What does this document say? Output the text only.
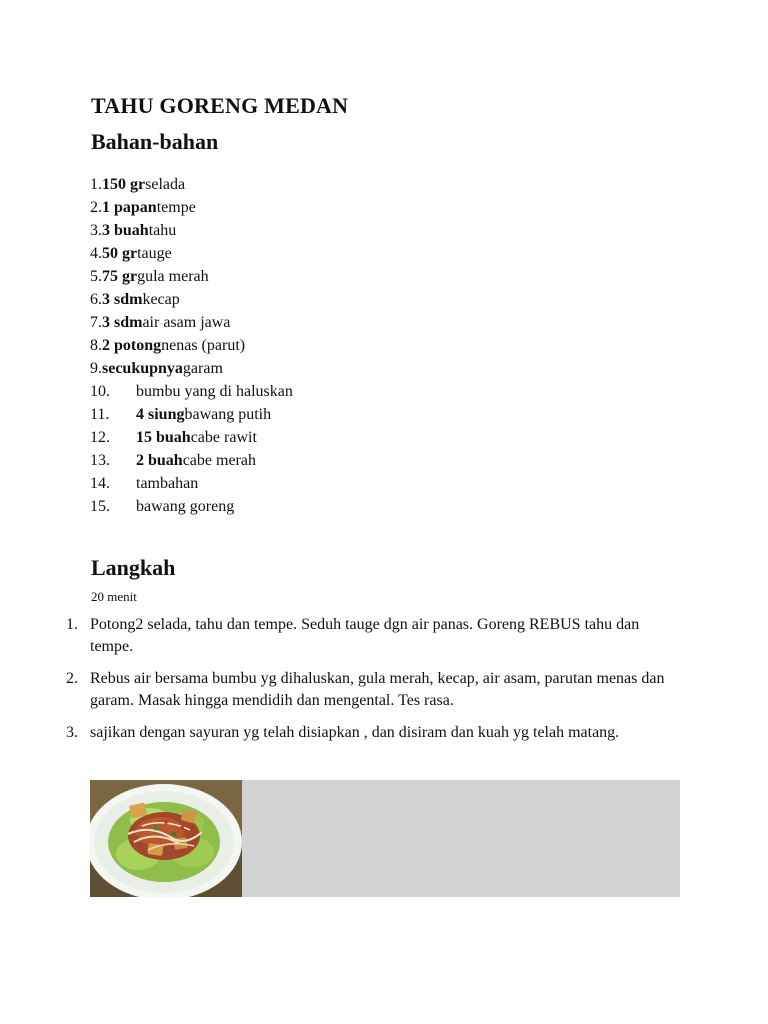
TAHU GORENG MEDAN
Bahan-bahan
1. 150 gr selada
2. 1 papan tempe
3. 3 buah tahu
4. 50 gr tauge
5. 75 gr gula merah
6. 3 sdm kecap
7. 3 sdm air asam jawa
8. 2 potong nenas (parut)
9. secukupnya garam
10.	bumbu yang di haluskan
11.	4 siung bawang putih
12.	15 buah cabe rawit
13.	2 buah cabe merah
14.	tambahan
15.	bawang goreng
Langkah
20 menit
1. Potong2 selada, tahu dan tempe. Seduh tauge dgn air panas. Goreng REBUS tahu dan tempe.
2. Rebus air bersama bumbu yg dihaluskan, gula merah, kecap, air asam, parutan menas dan garam. Masak hingga mendidih dan mengental. Tes rasa.
3. sajikan dengan sayuran yg telah disiapkan , dan disiram dan kuah yg telah matang.
